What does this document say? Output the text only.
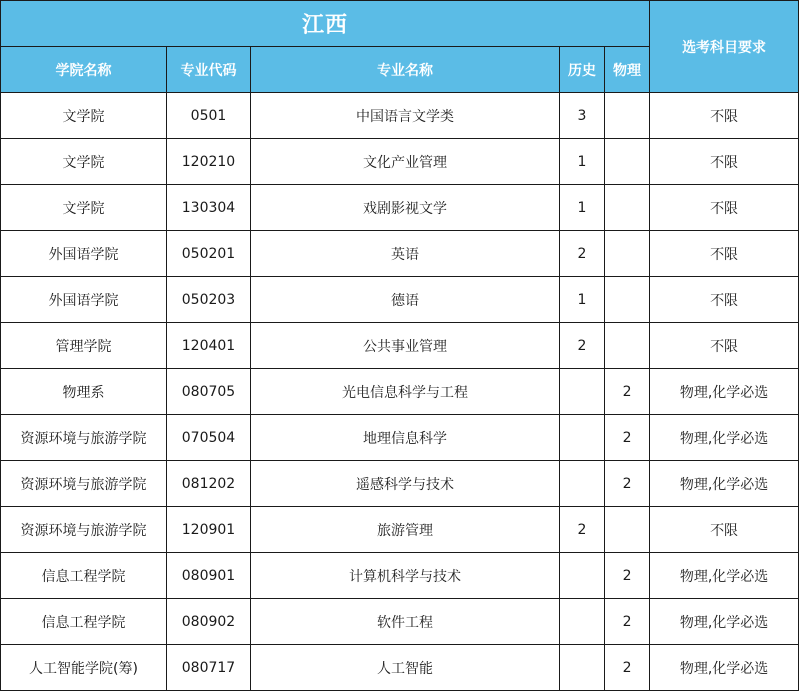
江西					选考科目要求
学院名称	专业代码	专业名称	历史	物理	
文学院	0501	中国语言文学类	3		不限
文学院	120210	文化产业管理	1		不限
文学院	130304	戏剧影视文学	1		不限
外国语学院	050201	英语	2		不限
外国语学院	050203	德语	1		不限
管理学院	120401	公共事业管理	2		不限
物理系	080705	光电信息科学与工程		2	物理,化学必选
资源环境与旅游学院	070504	地理信息科学		2	物理,化学必选
资源环境与旅游学院	081202	遥感科学与技术		2	物理,化学必选
资源环境与旅游学院	120901	旅游管理	2		不限
信息工程学院	080901	计算机科学与技术		2	物理,化学必选
信息工程学院	080902	软件工程		2	物理,化学必选
人工智能学院(筹)	080717	人工智能		2	物理,化学必选
